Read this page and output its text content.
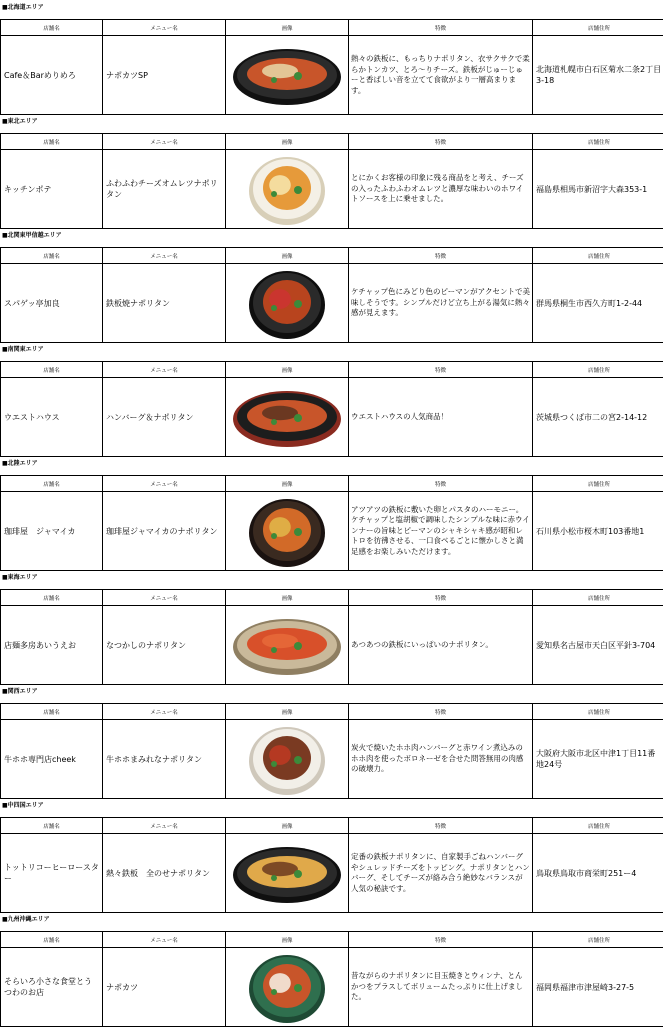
■北海道エリア
店舗名	メニュー名	画像	特徴	店舗住所
Cafe＆Barめりめろ	ナポカツSP		熱々の鉄板に、もっちりナポリタン、衣サクサクで柔らかトンカツ、とろ〜りチーズ。鉄板がじゅーじゅーと香ばしい音を立てて食欲がより一層高まります。	北海道札幌市白石区菊水二条2丁目3-18
■東北エリア
店舗名	メニュー名	画像	特徴	店舗住所
キッチンポテ	ふわふわチーズオムレツナポリタン		とにかくお客様の印象に残る商品をと考え、チーズの入ったふわふわオムレツと濃厚な味わいのホワイトソースを上に乗せました。	福島県相馬市新沼字大森353-1
■北関東甲信越エリア
店舗名	メニュー名	画像	特徴	店舗住所
スパゲッ亭加良	鉄板焼ナポリタン		ケチャップ色にみどり色のピーマンがアクセントで美味しそうです。シンプルだけど立ち上がる湯気に熱々感が見えます。	群馬県桐生市西久方町1-2-44
■南関東エリア
店舗名	メニュー名	画像	特徴	店舗住所
ウエストハウス	ハンバーグ＆ナポリタン		ウエストハウスの人気商品！	茨城県つくば市二の宮2-14-12
■北陸エリア
店舗名	メニュー名	画像	特徴	店舗住所
珈琲屋　ジャマイカ	珈琲屋ジャマイカのナポリタン		アツアツの鉄板に敷いた卵とパスタのハーモニー。ケチャップと塩胡椒で調味したシンプルな味に赤ウインナーの旨味とピーマンのシャキシャキ感が昭和レトロを彷彿させる、一口食べるごとに懐かしさと満足感をお楽しみいただけます。	石川県小松市桜木町103番地1
■東海エリア
店舗名	メニュー名	画像	特徴	店舗住所
店麺多房あいうえお	なつかしのナポリタン		あつあつの鉄板にいっぱいのナポリタン。	愛知県名古屋市天白区平針3-704
■関西エリア
店舗名	メニュー名	画像	特徴	店舗住所
牛ホホ専門店cheek	牛ホホまみれなナポリタン		炭火で焼いたホホ肉ハンバーグと赤ワイン煮込みのホホ肉を使ったボロネーゼを合せた問答無用の肉感の破壊力。	大阪府大阪市北区中津1丁目11番地24号
■中四国エリア
店舗名	メニュー名	画像	特徴	店舗住所
トットリコーヒーロースター	熱々鉄板　全のせナポリタン		定番の鉄板ナポリタンに、自家製手ごねハンバーグやシュレッドチーズをトッピング。ナポリタンとハンバーグ、そしてチーズが絡み合う絶妙なバランスが人気の秘訣です。	鳥取県鳥取市商栄町251ー4
■九州沖縄エリア
店舗名	メニュー名	画像	特徴	店舗住所
そらいろ小さな食堂とうつわのお店	ナポカツ		昔ながらのナポリタンに目玉焼きとウィンナ、とんかつをプラスしてボリュームたっぷりに仕上げました。	福岡県福津市津屋崎3-27-5
